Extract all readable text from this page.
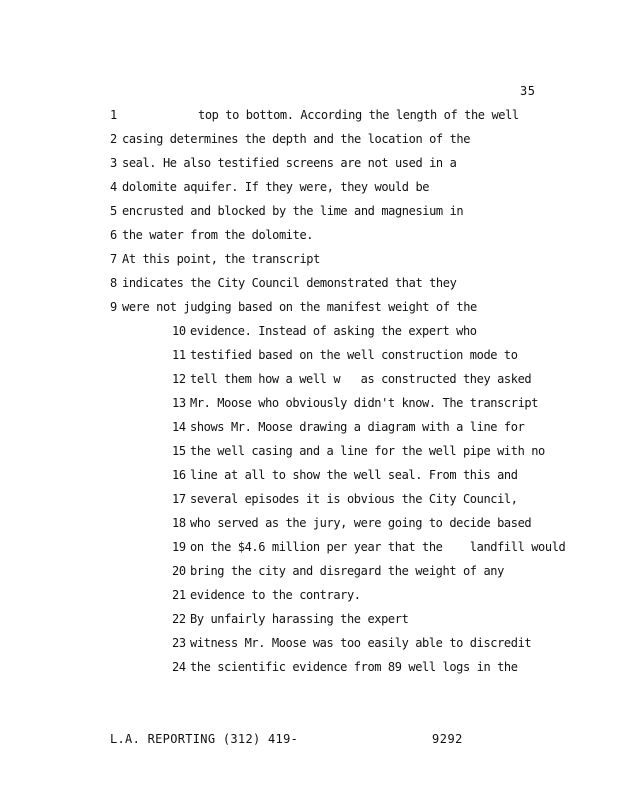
35
1	top to bottom. According the length of the well
2 casing determines the depth and the location of the
3 seal. He also testified screens are not used in a
4 dolomite aquifer. If they were, they would be
5 encrusted and blocked by the lime and magnesium in
6 the water from the dolomite.
7 At this point, the transcript
8 indicates the City Council demonstrated that they
9 were not judging based on the manifest weight of the
10 evidence. Instead of asking the expert who
11 testified based on the well construction mode to
12 tell them how a well w   as constructed they asked
13 Mr. Moose who obviously didn't know. The transcript
14 shows Mr. Moose drawing a diagram with a line for
15 the well casing and a line for the well pipe with no
16 line at all to show the well seal. From this and
17 several episodes it is obvious the City Council,
18 who served as the jury, were going to decide based
19 on the $4.6 million per year that the    landfill would
20 bring the city and disregard the weight of any
21 evidence to the contrary.
22 By unfairly harassing the expert
23 witness Mr. Moose was too easily able to discredit
24 the scientific evidence from 89 well logs in the
L.A. REPORTING (312) 419-	9292
